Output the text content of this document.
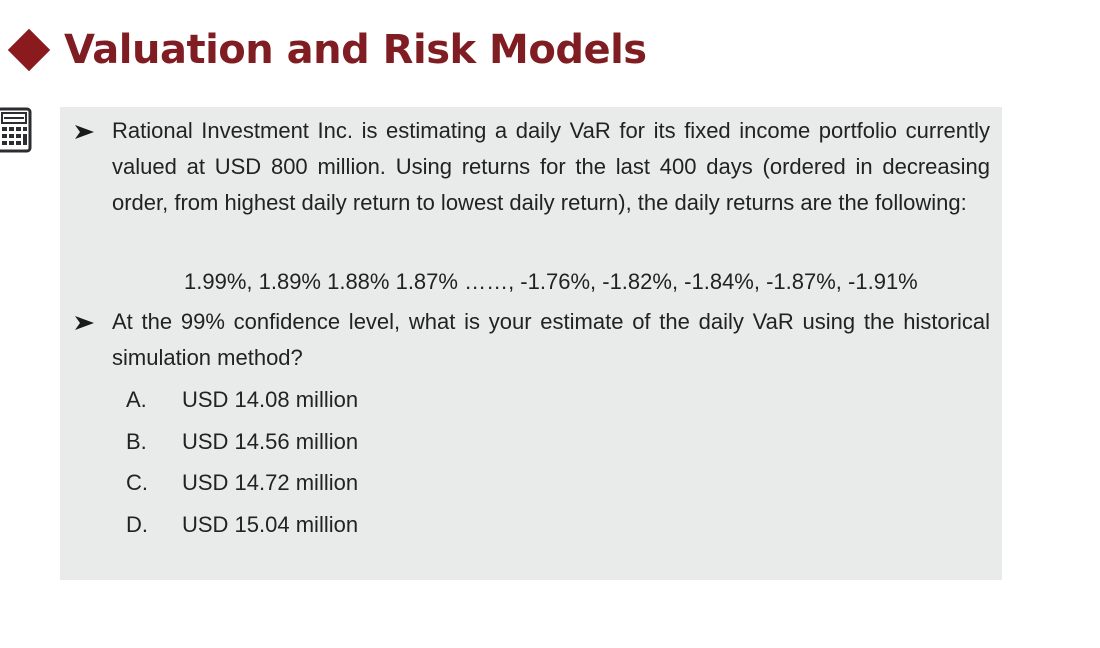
Valuation and Risk Models

Rational Investment Inc. is estimating a daily VaR for its fixed income portfolio currently valued at USD 800 million. Using returns for the last 400 days (ordered in decreasing order, from highest daily return to lowest daily return), the daily returns are the following:

1.99%, 1.89% 1.88% 1.87% ……, -1.76%, -1.82%, -1.84%, -1.87%, -1.91%

At the 99% confidence level, what is your estimate of the daily VaR using the historical simulation method?

A.	USD 14.08 million
B.	USD 14.56 million
C.	USD 14.72 million
D.	USD 15.04 million
